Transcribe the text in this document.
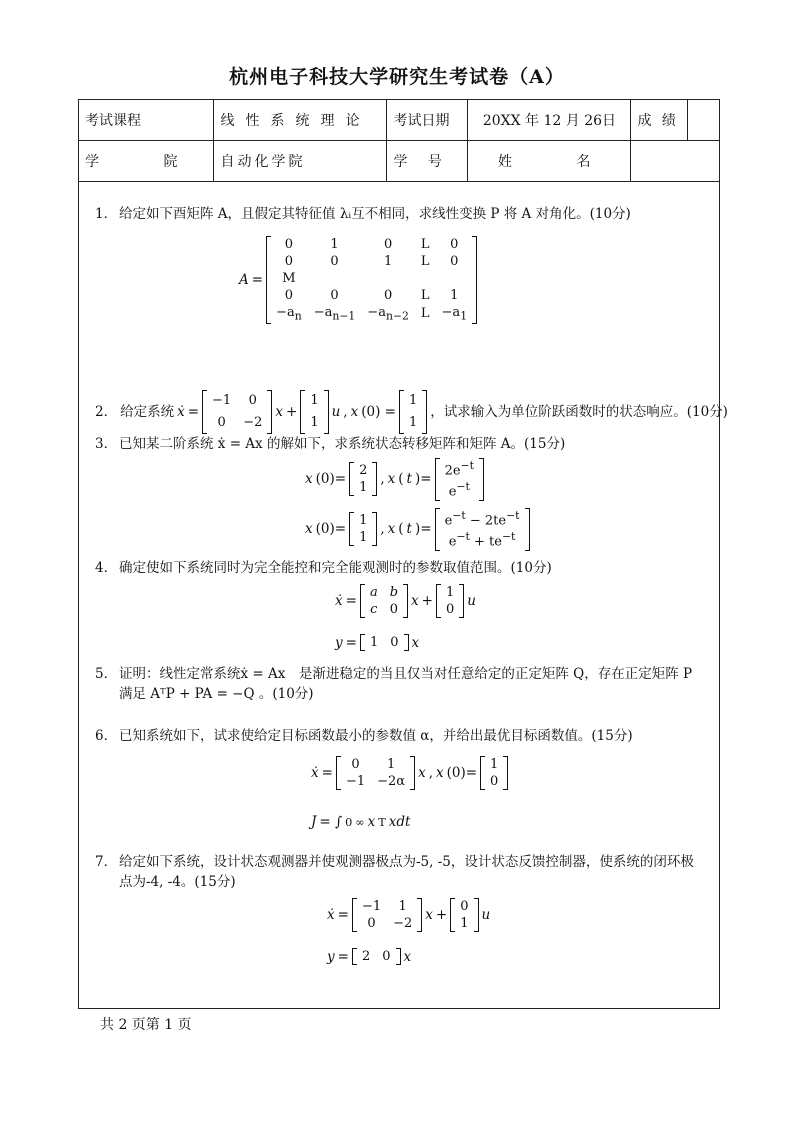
杭州电子科技大学研究生考试卷（A）
考试课程	线性系统理论	考试日期	20XX 年 12 月 26日	成 绩	
学 院	自动化学院	学 号	姓 名		
1． 给定如下酉矩阵 A，且假定其特征值 λᵢ互不相同，求线性变换 P 将 A 对角化。(10分)
A =
0	1	0	L	0
0	0	1	L	0
M				
0	0	0	L	1
$-a_n$	$-a_{n-1}$	$-a_{n-2}$	L	$-a_1$
2． 给定系统 ẋ =
−1	0
0	−2
x +
1
1
u , x (0) =
1
1
，试求输入为单位阶跃函数时的状态响应。(10分)
3． 已知某二阶系统 ẋ = Ax 的解如下，求系统状态转移矩阵和矩阵 A。(15分)
x (0)=
2
1
, x ( t )=
$2e^{-t}$
$e^{-t}$
x (0)=
1
1
, x ( t )=
$e^{-t} - 2te^{-t}$
$e^{-t} + te^{-t}$
4． 确定使如下系统同时为完全能控和完全能观测时的参数取值范围。(10分)
ẋ =
a	b
c	0
x +
1
0
u
y = 1	0 x
5． 证明：线性定常系统ẋ = Ax　是渐进稳定的当且仅当对任意给定的正定矩阵 Q，存在正定矩阵 P
满足 AᵀP + PA = −Q 。(10分)
6． 已知系统如下，试求使给定目标函数最小的参数值 α，并给出最优目标函数值。(15分)
ẋ =
0	1
−1	−2α
x , x (0)=
1
0
J = ∫ 0 ∞ x T xdt
7． 给定如下系统，设计状态观测器并使观测器极点为-5, -5，设计状态反馈控制器，使系统的闭环极
点为-4, -4。(15分)
ẋ =
−1	1
0	−2
x +
0
1
u
y = 2	0 x
共 2 页第 1 页
